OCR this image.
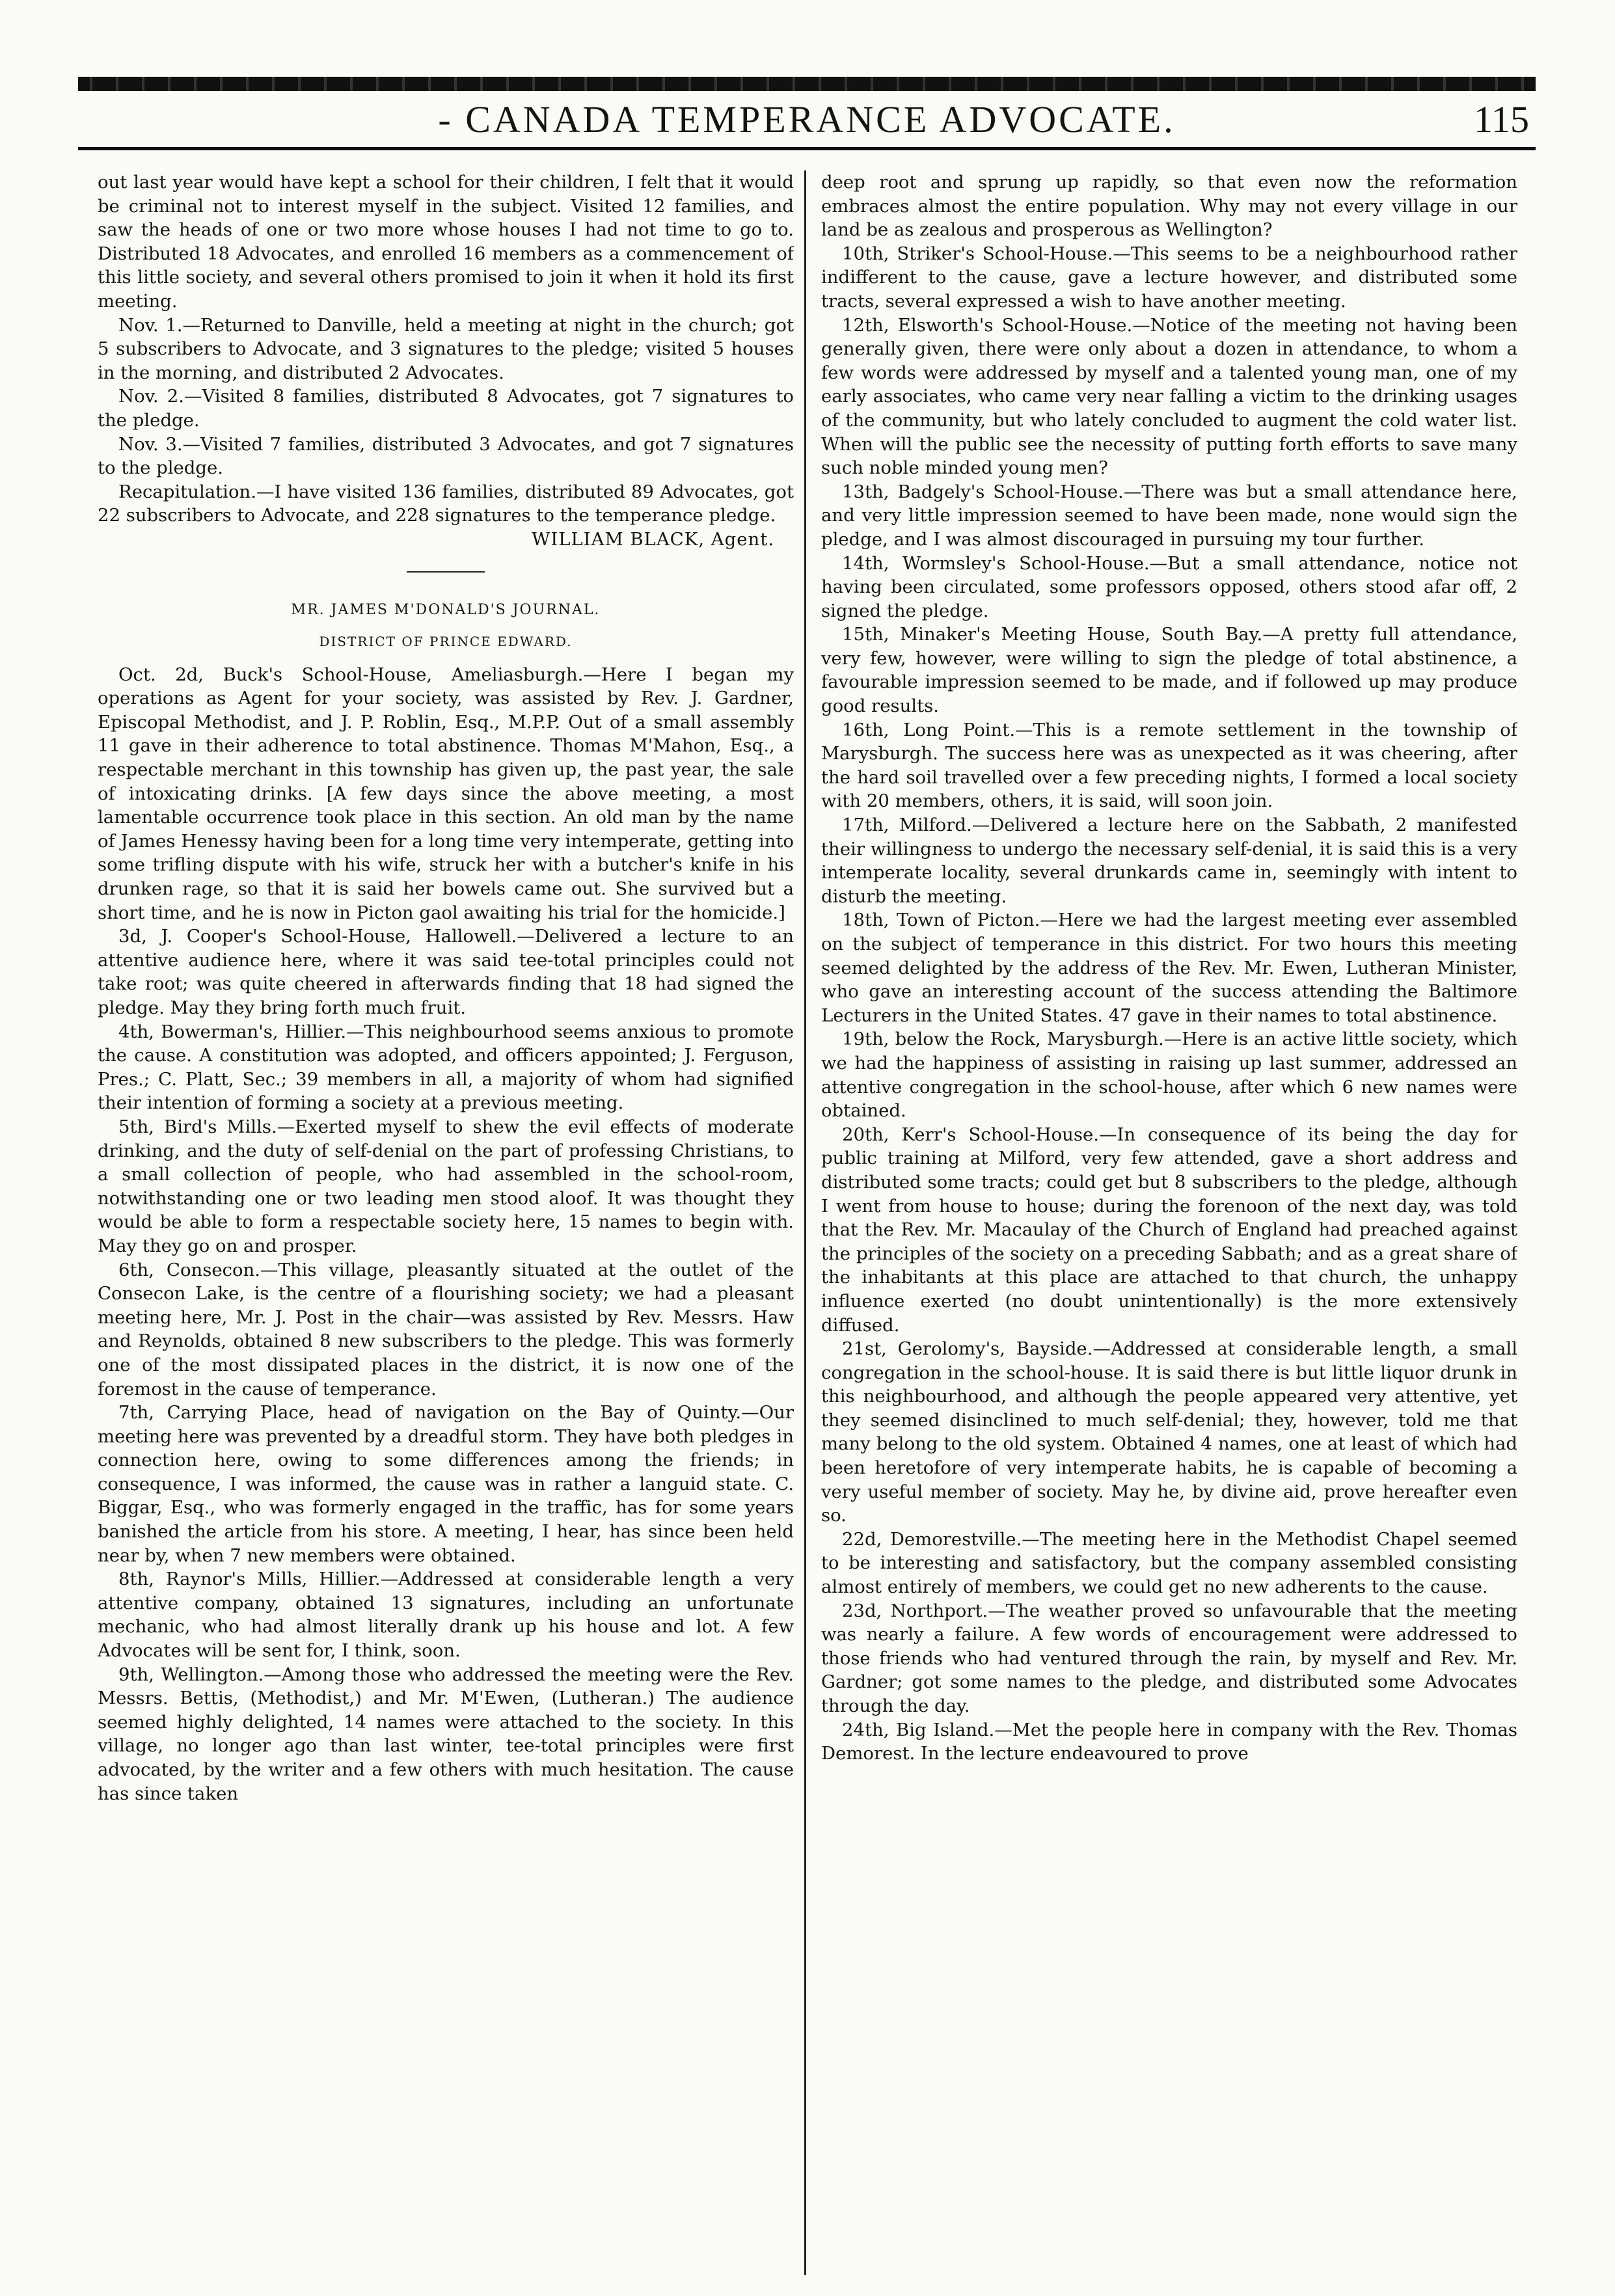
- CANADA TEMPERANCE ADVOCATE.	115

out last year would have kept a school for their children, I felt that it would be criminal not to interest myself in the subject. Visited 12 families, and saw the heads of one or two more whose houses I had not time to go to. Distributed 18 Advocates, and enrolled 16 members as a commencement of this little society, and several others promised to join it when it hold its first meeting.

Nov. 1.—Returned to Danville, held a meeting at night in the church; got 5 subscribers to Advocate, and 3 signatures to the pledge; visited 5 houses in the morning, and distributed 2 Advocates.

Nov. 2.—Visited 8 families, distributed 8 Advocates, got 7 signatures to the pledge.

Nov. 3.—Visited 7 families, distributed 3 Advocates, and got 7 signatures to the pledge.

Recapitulation.—I have visited 136 families, distributed 89 Advocates, got 22 subscribers to Advocate, and 228 signatures to the temperance pledge.

WILLIAM BLACK, Agent.

MR. JAMES M'DONALD'S JOURNAL.

DISTRICT OF PRINCE EDWARD.

Oct. 2d, Buck's School-House, Ameliasburgh.—Here I began my operations as Agent for your society, was assisted by Rev. J. Gardner, Episcopal Methodist, and J. P. Roblin, Esq., M.P.P. Out of a small assembly 11 gave in their adherence to total abstinence. Thomas M'Mahon, Esq., a respectable merchant in this township has given up, the past year, the sale of intoxicating drinks. [A few days since the above meeting, a most lamentable occurrence took place in this section. An old man by the name of James Henessy having been for a long time very intemperate, getting into some trifling dispute with his wife, struck her with a butcher's knife in his drunken rage, so that it is said her bowels came out. She survived but a short time, and he is now in Picton gaol awaiting his trial for the homicide.]

3d, J. Cooper's School-House, Hallowell.—Delivered a lecture to an attentive audience here, where it was said tee-total principles could not take root; was quite cheered in afterwards finding that 18 had signed the pledge. May they bring forth much fruit.

4th, Bowerman's, Hillier.—This neighbourhood seems anxious to promote the cause. A constitution was adopted, and officers appointed; J. Ferguson, Pres.; C. Platt, Sec.; 39 members in all, a majority of whom had signified their intention of forming a society at a previous meeting.

5th, Bird's Mills.—Exerted myself to shew the evil effects of moderate drinking, and the duty of self-denial on the part of professing Christians, to a small collection of people, who had assembled in the school-room, notwithstanding one or two leading men stood aloof. It was thought they would be able to form a respectable society here, 15 names to begin with. May they go on and prosper.

6th, Consecon.—This village, pleasantly situated at the outlet of the Consecon Lake, is the centre of a flourishing society; we had a pleasant meeting here, Mr. J. Post in the chair—was assisted by Rev. Messrs. Haw and Reynolds, obtained 8 new subscribers to the pledge. This was formerly one of the most dissipated places in the district, it is now one of the foremost in the cause of temperance.

7th, Carrying Place, head of navigation on the Bay of Quinty.—Our meeting here was prevented by a dreadful storm. They have both pledges in connection here, owing to some differences among the friends; in consequence, I was informed, the cause was in rather a languid state. C. Biggar, Esq., who was formerly engaged in the traffic, has for some years banished the article from his store. A meeting, I hear, has since been held near by, when 7 new members were obtained.

8th, Raynor's Mills, Hillier.—Addressed at considerable length a very attentive company, obtained 13 signatures, including an unfortunate mechanic, who had almost literally drank up his house and lot. A few Advocates will be sent for, I think, soon.

9th, Wellington.—Among those who addressed the meeting were the Rev. Messrs. Bettis, (Methodist,) and Mr. M'Ewen, (Lutheran.) The audience seemed highly delighted, 14 names were attached to the society. In this village, no longer ago than last winter, tee-total principles were first advocated, by the writer and a few others with much hesitation. The cause has since taken

deep root and sprung up rapidly, so that even now the reformation embraces almost the entire population. Why may not every village in our land be as zealous and prosperous as Wellington?

10th, Striker's School-House.—This seems to be a neighbourhood rather indifferent to the cause, gave a lecture however, and distributed some tracts, several expressed a wish to have another meeting.

12th, Elsworth's School-House.—Notice of the meeting not having been generally given, there were only about a dozen in attendance, to whom a few words were addressed by myself and a talented young man, one of my early associates, who came very near falling a victim to the drinking usages of the community, but who lately concluded to augment the cold water list. When will the public see the necessity of putting forth efforts to save many such noble minded young men?

13th, Badgely's School-House.—There was but a small attendance here, and very little impression seemed to have been made, none would sign the pledge, and I was almost discouraged in pursuing my tour further.

14th, Wormsley's School-House.—But a small attendance, notice not having been circulated, some professors opposed, others stood afar off, 2 signed the pledge.

15th, Minaker's Meeting House, South Bay.—A pretty full attendance, very few, however, were willing to sign the pledge of total abstinence, a favourable impression seemed to be made, and if followed up may produce good results.

16th, Long Point.—This is a remote settlement in the township of Marysburgh. The success here was as unexpected as it was cheering, after the hard soil travelled over a few preceding nights, I formed a local society with 20 members, others, it is said, will soon join.

17th, Milford.—Delivered a lecture here on the Sabbath, 2 manifested their willingness to undergo the necessary self-denial, it is said this is a very intemperate locality, several drunkards came in, seemingly with intent to disturb the meeting.

18th, Town of Picton.—Here we had the largest meeting ever assembled on the subject of temperance in this district. For two hours this meeting seemed delighted by the address of the Rev. Mr. Ewen, Lutheran Minister, who gave an interesting account of the success attending the Baltimore Lecturers in the United States. 47 gave in their names to total abstinence.

19th, below the Rock, Marysburgh.—Here is an active little society, which we had the happiness of assisting in raising up last summer, addressed an attentive congregation in the school-house, after which 6 new names were obtained.

20th, Kerr's School-House.—In consequence of its being the day for public training at Milford, very few attended, gave a short address and distributed some tracts; could get but 8 subscribers to the pledge, although I went from house to house; during the forenoon of the next day, was told that the Rev. Mr. Macaulay of the Church of England had preached against the principles of the society on a preceding Sabbath; and as a great share of the inhabitants at this place are attached to that church, the unhappy influence exerted (no doubt unintentionally) is the more extensively diffused.

21st, Gerolomy's, Bayside.—Addressed at considerable length, a small congregation in the school-house. It is said there is but little liquor drunk in this neighbourhood, and although the people appeared very attentive, yet they seemed disinclined to much self-denial; they, however, told me that many belong to the old system. Obtained 4 names, one at least of which had been heretofore of very intemperate habits, he is capable of becoming a very useful member of society. May he, by divine aid, prove hereafter even so.

22d, Demorestville.—The meeting here in the Methodist Chapel seemed to be interesting and satisfactory, but the company assembled consisting almost entirely of members, we could get no new adherents to the cause.

23d, Northport.—The weather proved so unfavourable that the meeting was nearly a failure. A few words of encouragement were addressed to those friends who had ventured through the rain, by myself and Rev. Mr. Gardner; got some names to the pledge, and distributed some Advocates through the day.

24th, Big Island.—Met the people here in company with the Rev. Thomas Demorest. In the lecture endeavoured to prove
